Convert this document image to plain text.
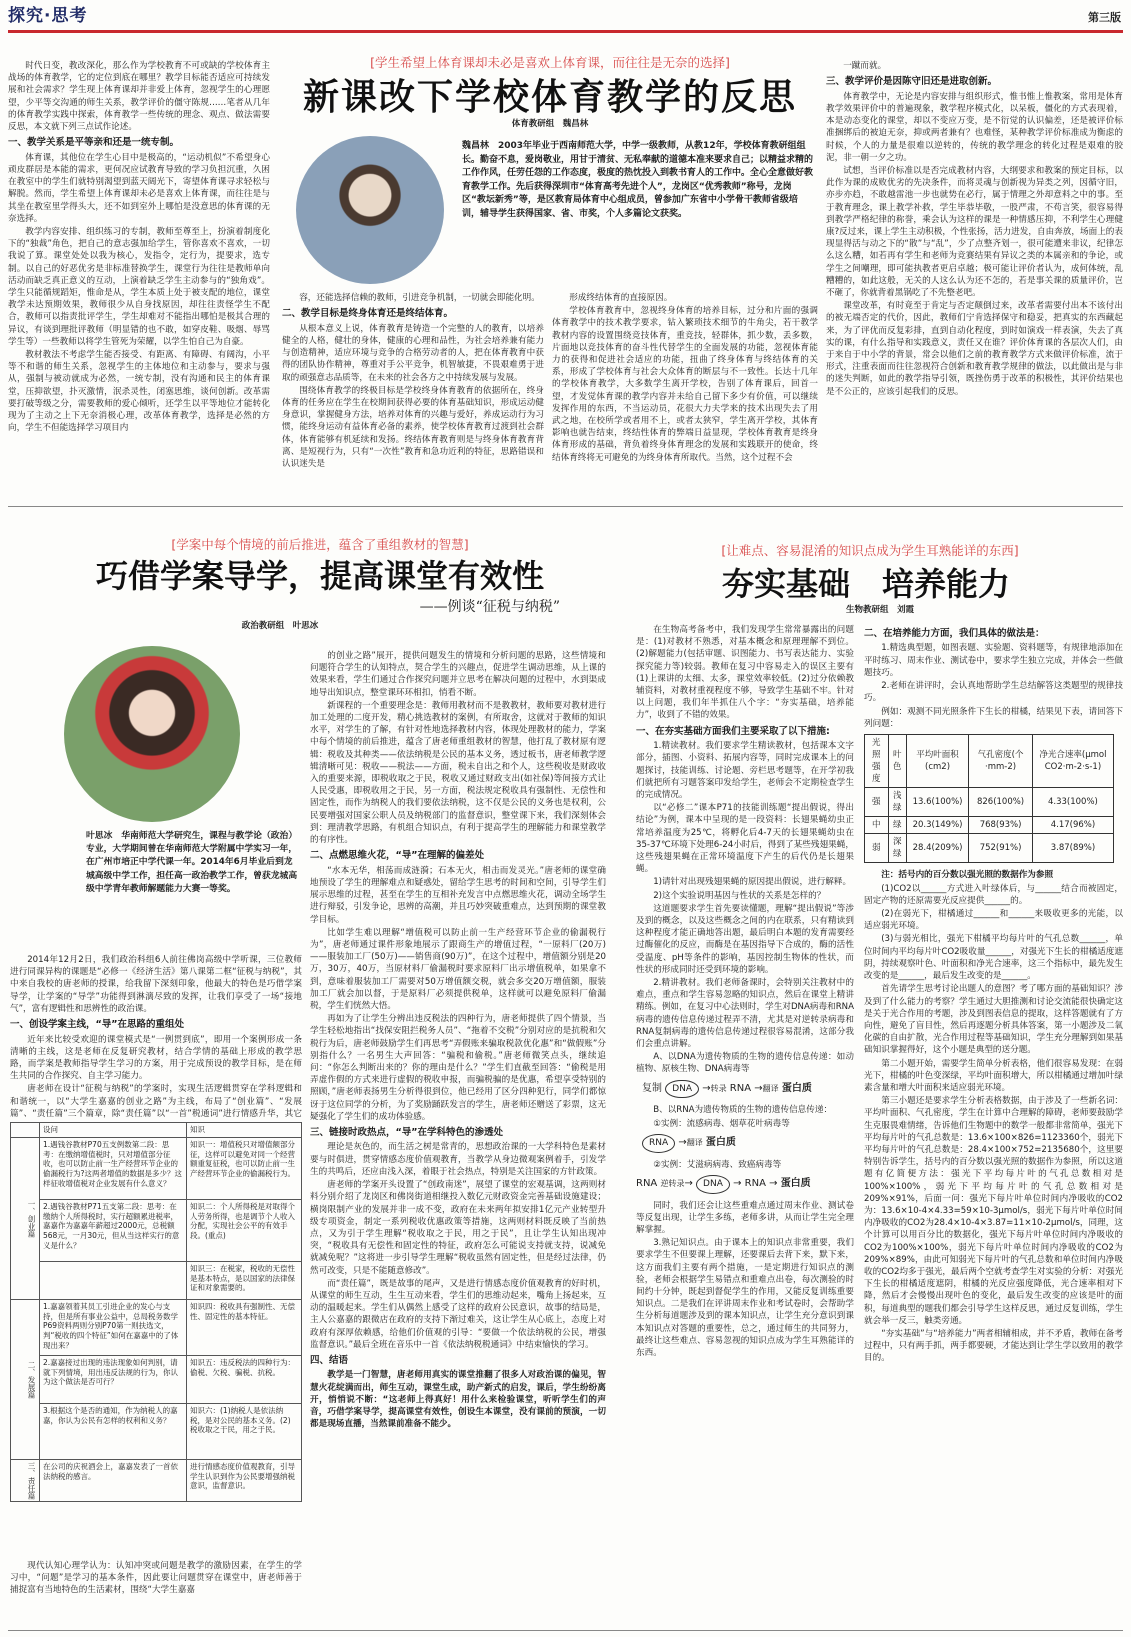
探究·思考	第三版

时代日变，教改深化，那么作为学校教育不可或缺的学校体育主战场的体育教学，它的定位到底在哪里？教学目标能否适应可持续发展和社会需求？学生现上体育课却并非爱上体育，忽视学生的心理愿望，少平等交沟通的师生关系，教学评价的僵守陈规……笔者从几年的体育教学实践中探索，体育教学一些传统的理念、观点、做法需要反思，本文就下列三点试作论述。

一、教学关系是平等亲和还是一统专制。

体育课，其他位在学生心目中是极高的，“运动机似”不希望身心顽皮群居是本能的需求，更何况应试教育导致的学习负担沉重，久困在教室中的学生们就特别渴望到蓝天阔光下，寄望体育课寻求轻松与解脱。然而，学生希望上体育课却未必是喜欢上体育课，而往往是与其坐在教室里学得头大，还不如到室外上哪怕是没意思的体育课的无奈选择。

教学内容安排、组织练习的专制，教师至尊至上，扮演着制度化下的“独裁”角色，把自己的意志强加给学生，管你喜欢不喜欢，一切我说了算。课堂处处以我为核心，发指令，定行为，提要求，选专制。以自己的好恶优劣是非标准替换学生，课堂行为往往是教师单向活动而缺乏真正意义的互动，上演着缺乏学生主动参与的“独角戏”。学生只能循规蹈矩，惟命是从，学生本质上处于被支配的地位，课堂教学未达预期效果，教师很少从自身找原因，却往往责怪学生不配合，教师可以指责批评学生，学生却难对不能指出哪怕是极其合理的异议，有谈到理批评教师（明显错的也不敢，如穿皮鞋、吸烟、辱骂学生等）一些教师以将学生管死为荣耀，以学生怕自己为自豪。

教材教法不考虑学生能否接受、有距离、有障碍、有阔沟，小平等不和谐的师生关系，忽视学生的主体地位和主动参与，要求与强从，强制与被动就成为必然，一统专制，没有沟通和民主的体育课堂，压抑欲望，扑灭激情，泯杀灵性，闭塞思维，谈何创新。改革需要打破等级之分，需要教师的爱心倾听，还学生以平等地位才能转化现为了主动之上下无奈消极心理，改革体育教学，选择是必然的方向，学生不但能选择学习项目内

[学生希望上体育课却未必是喜欢上体育课，而往往是无奈的选择]
新课改下学校体育教学的反思
体育教研组　魏昌林
魏昌林　2003年毕业于西南师范大学，中学一级教师，从教12年，学校体育教研组组长。勤奋不息，爱岗敬业，用甘于清贫、无私奉献的道德本准来要求自己；以精益求精的工作作风，任劳任怨的工作态度，极度的热忱投入到教书育人的工作中。全心全意做好教育教学工作。先后获得深圳市“体育高考先进个人”，龙岗区“优秀教师”称号，龙岗区“教坛新秀”等，是区教育局体育中心组成员，曾参加广东省中小学骨干教师省级培训，辅导学生获得国家、省、市奖，个人多篇论文获奖。

容，还能选择信赖的教师，引进竞争机制，一切就会即能化明。

二、教学目标是终身体育还是终结体育。

从根本意义上说，体育教育是铸造一个完整的人的教育，以培养健全的人格，健壮的身体，健康的心理和品性，为社会培养兼有能力与创造精神，适应环境与竞争的合格劳动者的人，把在体育教育中获得的团队协作精神，尊重对手公平竞争，机智敏捷，不畏艰难勇于进取的顽强意志品质等，在未来的社会各方之中持续发展与发展。

围绕体育教学的终极目标是学校终身体育教育的依据所在，终身体育的任务应在学生在校期间获得必要的体育基础知识，形成运动健身意识，掌握健身方法，培养对体育的兴趣与爱好，养成运动行为习惯，能终身运动有益体育必备的素养，使学校体育教育过渡到社会群体，体育能够有机延续和发扬。终结体育教育则是与终身体育教育背离、是短视行为，只有“一次性”教育和急功近利的特征，思路错误和认识迷失是

形成终结体育的直接原因。

学校体育教育中，忽视终身体育的培养目标，过分和片面的强调体育教学中的技术教学要求，钻入繁琐技术细节的牛角尖，若干教学教材内容的设置围绕竞技体育，重竞技，轻群体，抓少数，丢多数，片面地以竞技体育的奋斗性代替学生的全面发展的功能，忽视体育能力的获得和促进社会适应的功能，扭曲了终身体育与终结体育的关系，形成了学校体育与社会大众体育的断层与不一致性。长达十几年的学校体育教学，大多数学生离开学校，告别了体育课后，回首一望，才发觉体育课的教学内容并未给自己留下多少有价值，可以继续发挥作用的东西，不当运动员，花很大力夫学来的技术出现失去了用武之地，在校所学或者用不上，或者太狭窄，学生离开学校，其体育影响也就告结束，终结性体育的弊端日益显现，学校体育教育是终身体育形成的基础，背负着终身体育理念的发展和实践联开的使命，终结体育终将无可避免的为终身体育所取代。当然，这个过程不会

一蹴而就。

三、教学评价是因陈守旧还是进取创新。

体育教学中，无论是内容安排与组织形式，惟书惟上惟教案，常用是体育教学效果评价中的普遍现象，教学程序模式化，以呆板，僵化的方式表现着，本是动态变化的课堂，却以不变应万变，是不衍觉的认识偏差，还是被评价标准捆绑后的被迫无奈，抑或两者兼有？也难怪，某种教学评价标准成为衡虑的时候，个人的力量是很难以逆转的，传统的教学理念的转化过程是艰难的胶泥，非一朝一夕之功。

试想，当评价标准以是否完成教材内容，大纲要求和教案的预定目标，以此作为课的成败优劣的先决条件，而将灵魂与创新视为异类之列，因循守旧，亦步亦趋，不敢越雷池一步也就势在必行，属于情理之外却意料之中的事。至于教育理念，课上教学补救，学生毕恭毕敬，一股严肃，不苟言笑，很容易得到教学严格纪律的称誉，乘会认为这样的课是一种情感压抑，不利学生心理健康?反过来，课上学生主动积极，个性张扬，活力进发，自由奔放，场面上的表现显得活与动之下的“散”与“乱”，少了点整齐划一，很可能遭来非议，纪律怎么这么糟，如若再有学生和老师为竞赛结果有异议之类的本属亲和的争论，或学生之间嘲理，即可能执教者更启卓越；极可能让评价者认为，成何体统，乱糟糟的，如此这般，无关的人这么认为还不怎的，若是事关课的质量评价，岂不砸了，你就背着黑锅吃了不先整老吧。

课堂改革，有时竟至于肯定与否定颠倒过来，改革者需要付出本不该付出的被无端否定的代价，因此，教师们宁肯选择保守和稳妥，把真实的东西藏起来，为了评优而反复彩排，直到自动化程度，到时如演戏一样表演，失去了真实的课，有什么指导和实践意义，责任又在谁？评价体育课的各层次人们，由于来自于中小学的背景，常会以他们之前的教育教学方式来做评价标准，流于形式，注重表面而往往忽视符合创新和教育教学规律的做法，以此做出是与非的迷失判断，如此的教学指导引领，既挫伤勇于改革的积极性，其评价结果也是不公正的，应该引起我们的反思。

[学案中每个情境的前后推进，蕴含了重组教材的智慧]
巧借学案导学，提高课堂有效性
——例谈“征税与纳税”
政治教研组　叶思冰
叶思冰　华南师范大学研究生，课程与教学论（政治）专业，大学期间曾在华南师范大学附属中学实习一年，在广州市培正中学代课一年。2014年6月毕业后到龙城高级中学工作，担任高一政治教学工作，曾获龙城高级中学青年教师解题能力大赛一等奖。

2014年12月2日，我们政治科组6人前往佛岗高级中学听课，三位教师进行同课异构的课题是“必修一《经济生活》第八课第二框“征税与纳税”，其中来自我校的唐老师的授课，给我留下深刻印象，他最大的特色是巧借学案导学，让学案的“导学”功能得到淋漓尽致的发挥，让我们享受了一场“接地气”，富有逻辑性和思辨性的政治课。

一、创设学案主线，“导”在思路的重组处

近年来比较受欢迎的课堂模式是“一例贯到底”，即用一个案例形成一条清晰的主线，这是老师在反复研究教材，结合学情的基础上形成的教学思路，而学案是教师指导学生学习的方案，用于完成预设的教学目标，是在师生共同的合作探究、自主学习能力。

唐老师在设计“征税与纳税”的学案时，实现生活逻辑贯穿在学科逻辑和和谐统一，以“大学生嘉嘉的创业之路”为主线，布局了“创业篇”、“发展篇”、“责任篇”三个篇章，除“责任篇”以“一首”税通词”进行情感升华，其它

	设问	知识
一、创业篇	1.遇钱谷教材P70五支例数第二段：思考：在缴纳增值税时，只对增值部分征收，也可以防止前一生产经营环节企业的偷漏税行为?这两者增值的数据是多少？这样征收增值税对企业发展有什么意义？	知识一：增值税只对增值额部分征，这样可以避免对同一个经营额重复征税，也可以防止前一生产经营环节企业的偷漏税行为。
	2.遇钱谷教材P71五支第二段：思考：在缴纳个人所得税时，实行超额累进税率，嘉嘉作为嘉嘉年薪超过2000元，总税额568元，一月30元，但从当这样实行的意义是什么？	知识二：个人所得税是对取得个人劳务所得，也是调节个人收入分配，实现社会公平的有效手段。(重点)
		知识三：在税家，税收的无偿性是基本特点，是以国家的法律保证和对象需要的。
二、发展篇	1.嘉嘉领着其员工引进企业的发心与支持，但是所有事业公益中，总局税务数学P69资料两则分别P70第一则扶选文，判“税收的四个特征”如何在嘉嘉中的了体现出来？	知识四：税收具有强制性、无偿性、固定性的基本特征。
	2.嘉嘉接过出现的违法现象如何判别，请就下列情境，用出违反法规的行为，你认为这个做法是否可行？	知识五：违反税法的四种行为：偷税、欠税、骗税、抗税。
	3.根据这个是否的通知，作为纳税人的嘉嘉，你认为公民有怎样的权利和义务？	知识六：(1)纳税人是依法纳税，是对公民的基本义务。(2)税收取之于民，用之于民。
三、责任篇	在公司的庆祝酒会上，嘉嘉发表了一首依法纳税的感言。	进行情感态度价值观教育，引导学生认识到作为公民要增强纳税意识，监督意识。

现代认知心理学认为：认知冲突或问题是教学的激励因素，在学生的学习中，“问题”是学习的基本条件，因此要让问题贯穿在课堂中，唐老师善于捕捉富有当地特色的生活素材，围绕“大学生嘉嘉

的创业之路”展开，提供问题发生的情境和分析问题的思路，这些情境和问题符合学生的认知特点，契合学生的兴趣点，促进学生调动思维，从上课的效果来看，学生们通过合作探究问题并立思考在解决问题的过程中，水到渠成地导出知识点，整堂课环环相扣，悄看不断。

新课程的一个重要理念是：教师用教材而不是教教材，教师要对教材进行加工处理的二度开发，精心挑选教材的案例，有所取舍，这就对于教师的知识水平，对学生的了解，有针对性地选择教材内容，体现处理教材的能力，学案中每个情境的前后推进，蕴含了唐老师重组教材的智慧，他打乱了教材原有逻辑：税收及其种类——依法纳税是公民的基本义务，透过板书，唐老师教学逻辑清晰可见：税收——税法——方面，税未自出之和个人，这些税收是财政收入的重要来源，即税收取之于民，税收又通过财政支出(如社保)等间接方式让人民受惠，即税收用之于民，另一方面，税法规定税收具有强制性、无偿性和固定性，而作为纳税人的我们要依法纳税，这不仅是公民的义务也是权利，公民要增强对国家公职人员及纳税部门的监督意识，整堂课下来，我们深刻体会到：理清教学思路，有机组合知识点，有利于提高学生的理解能力和课堂教学的有序性。

二、点燃思维火花，“导”在理解的偏差处

“水本无华，相荡而成涟漪；石本无火，相击而发灵光。”唐老师的课堂确地预设了学生的理解难点和疑惑处，留给学生思考的时间和空间，引导学生们展示思维的过程，甚至在学生的互相补充发言中点燃思维火花，调动全场学生进行辩驳，引发争论，思辨的高潮，并且巧妙突破重难点，达到预期的课堂教学目标。

比如学生难以理解“增值税可以防止前一生产经营环节企业的偷漏税行为”，唐老师通过课件形象地展示了跟商生产的增值过程，“一原料厂(20万)——服装加工厂(50万)——销售商(90万)”，在这个过程中，增值额分别是20万，30万，40万，当原材料厂偷漏税时要求原料厂出示增值税单，如果拿不到，意味着服装加工厂需要对50万增值额交税，就会多交20万增值额，服装加工厂就会加以督，于是原料厂必须提供税单，这样就可以避免原料厂偷漏税，学生们恍然大悟。

再如为了让学生分辨出违反税法的四种行为，唐老师提供了四个情景，当学生轻松地指出“找保安阻拦税务人员”、“拖着不交税”分别对应的是抗税和欠税行为后，唐老师鼓励学生们再思考“弄假账来骗取税款优化惠”和“做假账”分别指什么？一名男生大声回答：“骗税和偷税。”唐老师微笑点头，继续追问：“你怎么判断出来的？你的理由是什么？”学生们直截至回答：“偷税是用弄虚作假的方式来进行虚假的税收申报，而骗税骗的是优惠，希望享受特别的照顾，”唐老师表扬男生分析得很到位，他已经用了区分四种犯行，同学们都惊讶于这位同学的分析，为了奖励踊跃发言的学生，唐老师还赠送了彩票，这无疑强化了学生们的成功体验感。

三、链接时政热点，“导”在学科特色的渗透处

理论是灰色的，而生活之树是常青的，思想政治课的一大学科特色是素材要与时俱进，贯穿情感态度价值观教育，当教学从身边微观案例着手，引发学生的共鸣后，还应由浅入深，着眼于社会热点，特别是关注国家的方针政策。

唐老师的学案开头设置了“创政南迷”，展望了课堂的宏观基调，这两则材料分别介绍了龙岗区和佛岗街道相继投入数亿元财政资金完善基础设施建设；横岗限制产业的发展并非一成不变，政府在未来两年拟安排1亿元产业转型升级专项资金，制定一系列税收优惠政策等措施，这两则材料既反映了当前热点，又为引于学生理解“税收取之于民，用之于民”，且让学生认知出现冲突，“税收具有无偿性和固定性的特征，政府怎么可能说支持就支持，说减免就减免呢？”这将进一步引导学生理解“税收虽然有固定性，但是经过法律，仍然可改变，只是不能随意修改”。

而“责任篇”，既是故事的尾声，又是进行情感态度价值观教育的好时机，从课堂的师生互动，生生互动来看，学生们的思维动起来，嘴角上扬起来，互动的温暖起来。学生们从偶然上感受了这样的政府公民意识，故事的结局是，主人公嘉嘉的跟微店在政府的支持下渐过难关，这让学生从心底上，态度上对政府有深厚依赖感，给他们价值观的引导：“要做一个依法纳税的公民，增强监督意识。”最后全班在音乐中一首《依法纳税税通词》中结束愉快的学习。

四、结语

教学是一门智慧，唐老师用真实的课堂推翻了很多人对政治课的偏见，智慧火花绽满而出，师生互动，课堂生成，助产新式的启发，课后，学生纷纷离开，悄悄说不断：“这老师上得真好！用什么来检验课堂，听听学生们的声音，巧借学案导学，提高课堂有效性，创设生本课堂，没有课前的预演，一切都是现场直播，当然课前准备不能少。

[让难点、容易混淆的知识点成为学生耳熟能详的东西]
夯实基础　培养能力
生物教研组　刘霞

在生物高考备考中，我们发现学生常常暴露出的问题是：(1)对教材不熟悉，对基本概念和原理理解不到位。(2)解题能力(包括审题、识图能力、书写表达能力、实验探究能力等)较弱。教师在复习中容易走入的误区主要有(1)上课讲的太细、太多，课堂效率较低。(2)过分依赖教辅资料，对教材重视程度不够，导致学生基础不牢。针对以上问题，我们年半抓住八个字：“夯实基础，培养能力”，收到了不错的效果。

一、在夯实基础方面我们主要采取了以下措施:

1.精读教材。我们要求学生精读教材，包括课本文字部分，插图、小资料、拓展内容等，同时完成课本上的问题探讨，技能训练、讨论题、旁栏思考题等，在开学初我们就把所有习题答案印发给学生，老师会不定期检查学生的完成情况。

以“必修二”课本P71的技能训练题“提出假说，得出结论”为例，课本中呈现的是一段资料：长翅果蝇幼虫正常培养温度为25℃，将孵化后4-7天的长翅果蝇幼虫在35-37℃环境下处理6-24小时后，得到了某些残翅果蝇，这些残翅果蝇在正常环境温度下产生的后代仍是长翅果蝇。

1)请针对出现残翅果蝇的原因提出假说，进行解释。

2)这个实验说明基因与性状的关系是怎样的？

这道题要求学生首先要读懂题，理解“提出假说”等涉及到的概念，以及这些概念之间的内在联系，只有精读到这种程度才能正确地答出题，最后明白本题的发育需要经过酶催化的反应，而酶是在基因指导下合成的，酶的活性受温度、pH等条件的影响，基因控制生物体的性状，而性状的形成同时还受到环境的影响。

2.精讲教材。我们老师备课时，会特别关注教材中的难点，重点和学生容易忽略的知识点，然后在课堂上精讲精练。例如，在复习中心法则时，学生对DNA病毒和RNA病毒的遗传信息传递过程弄不清，尤其是对逆转录病毒和RNA复制病毒的遗传信息传递过程很容易混淆，这部分我们会重点讲解。

A、以DNA为遗传物质的生物的遗传信息传递：如动植物、原核生物、DNA病毒等

复制 DNA →转录 RNA →翻译 蛋白质

B、以RNA为遗传物质的生物的遗传信息传递：

①实例：流感病毒、烟草花叶病毒等

RNA →翻译 蛋白质

②实例：艾滋病病毒、致癌病毒等

RNA 逆转录→ DNA → RNA → 蛋白质

同时，我们还会让这些重难点通过周末作业、测试卷等反复出现，让学生多练，老师多讲，从而让学生完全理解掌握。

3.熟记知识点。由于课本上的知识点非常重要，我们要求学生不但要课上理解，还要课后去背下来，默下来，这方面我们主要有两个措施，一是定期进行知识点的测验，老师会根据学生易错点和重难点出卷，每次测验的时间约十分钟，既起到督促学生的作用，又能反复训练重要知识点。二是我们在评讲周末作业和考试卷时，会帮助学生分析每道题涉及到的课本知识点，让学生充分意识到课本知识点对答题的重要性，总之，通过师生的共同努力，最终让这些难点、容易忽视的知识点成为学生耳熟能详的东西。

二、在培养能力方面，我们具体的做法是：

1.精选典型题，如图表题、实验题、资料题等，有规律地添加在平时练习、周末作业、测试卷中，要求学生独立完成，并体会一些做题技巧。

2.老师在讲评时，会认真地帮助学生总结解答这类题型的规律技巧。

例如：观测不同光照条件下生长的柑橘，结果见下表，请回答下列问题：

光照强度	叶色	平均叶面积(cm2)	气孔密度(个·mm-2)	净光合速率(μmol CO2·m-2·s-1)
强	浅绿	13.6(100%)	826(100%)	4.33(100%)
中	绿	20.3(149%)	768(93%)	4.17(96%)
弱	深绿	28.4(209%)	752(91%)	3.87(89%)

注：括号内的百分数以强光照的数据作为参照

(1)CO2以______方式进入叶绿体后，与______结合而被固定，固定产物的还原需要光反应提供______的。

(2)在弱光下，柑橘通过______和______来吸收更多的光能，以适应弱光环境。

(3)与弱光相比，强光下柑橘平均每片叶的气孔总数______，单位时间内平均每片叶CO2吸收量______，对强光下生长的柑橘适度遮阴，持续观察叶色、叶面积和净光合速率，这三个指标中，最先发生改变的是______，最后发生改变的是______。

首先请学生思考讨论出题人的意图？考了哪方面的基础知识？涉及到了什么能力的考察？学生通过大胆推测和讨论交流能很快确定这是关于光合作用的考题，涉及到图表信息的提取，这样答题就有了方向性，避免了盲目性，然后再逐题分析具体答案，第一小题涉及二氧化碳的自由扩散，光合作用过程等基础知识，学生充分理解到如果基础知识掌握得好，这个小题是典型的送分题。

第二小题开始，需要学生简单分析表格，他们很容易发现：在弱光下，柑橘的叶色变深绿，平均叶面积增大，所以柑橘通过增加叶绿素含量和增大叶面积来适应弱光环境。

第三小题还是要求学生分析表格数据，由于涉及了一些新名词：平均叶面积、气孔密度，学生在计算中合理解的障碍，老师要鼓励学生克服畏难情绪，告诉他们生物题中的数学一般都非常简单，强光下平均每片叶的气孔总数是：13.6×100×826=1123360个，弱光下平均每片叶的气孔总数是：28.4×100×752=2135680个，这里要特别告诉学生，括号内的百分数以强光照的数据作为参照，所以这道题有亿简便方法：强光下平均每片叶的气孔总数相对是100%×100%，弱光下平均每片叶的气孔总数相对是209%×91%，后面一问：强光下每片叶单位时间内净吸收的CO2为：13.6×10-4×4.33=59×10-3μmol/s，弱光下每片叶单位时间内净吸收的CO2为28.4×10-4×3.87=11×10-2μmol/s，同理，这个计算可以用百分比的数据化，强光下每片叶单位时间内净吸收的CO2为100%×100%，弱光下每片叶单位时间内净吸收的CO2为209%×89%，由此可知弱光下每片叶的气孔总数和单位时间内净吸收的CO2均多于强光，最后两个空就考查学生对实验的分析：对强光下生长的柑橘适度遮阴，柑橘的光反应强度降低，光合速率相对下降，然后才会慢慢出现叶色的变化，最后发生改变的应该是叶的面积，每道典型的题我们都会引导学生这样反思，通过反复训练，学生就会举一反三，触类旁通。

“夯实基础”与“培养能力”两者相辅相成，并不矛盾，教师在备考过程中，只有两手抓，两手都要硬，才能达到让学生学以致用的教学目的。
